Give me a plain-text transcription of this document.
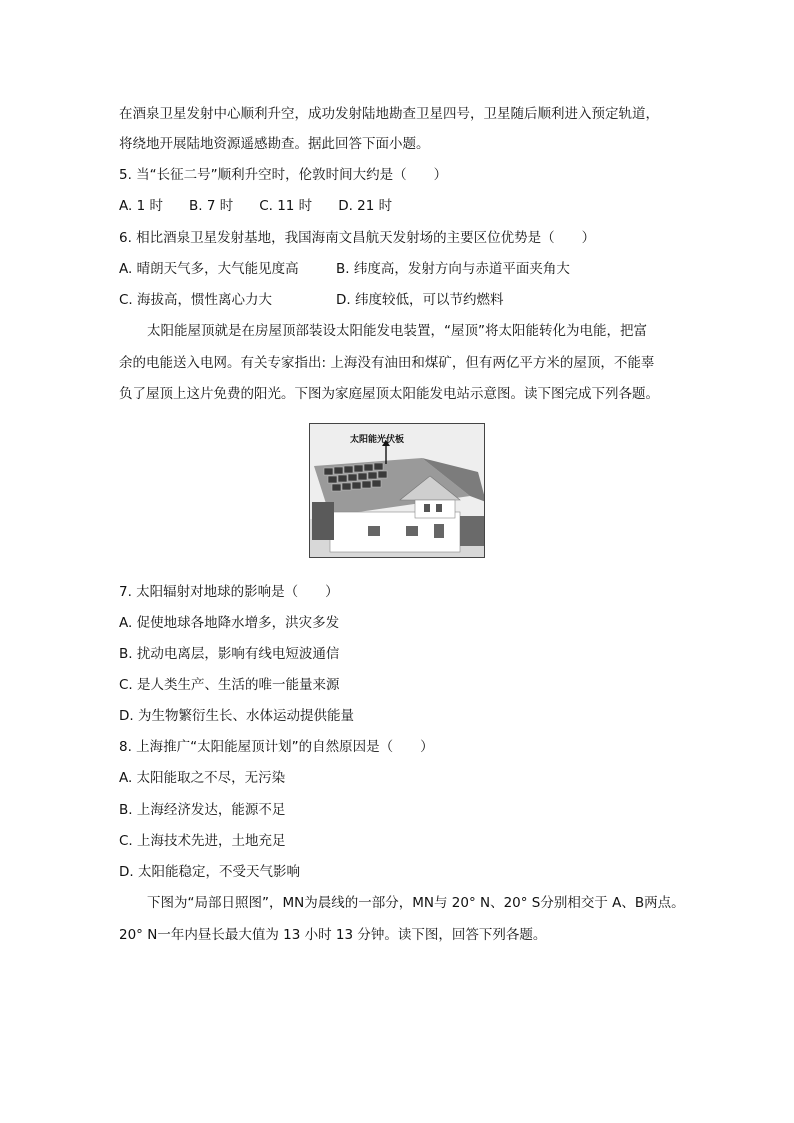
在酒泉卫星发射中心顺利升空，成功发射陆地勘查卫星四号，卫星随后顺利进入预定轨道，
将绕地开展陆地资源遥感勘查。据此回答下面小题。
5. 当“长征二号”顺利升空时，伦敦时间大约是（　　）
A. 1 时 B. 7 时 C. 11 时 D. 21 时
6. 相比酒泉卫星发射基地，我国海南文昌航天发射场的主要区位优势是（　　）
A. 晴朗天气多，大气能见度高	B. 纬度高，发射方向与赤道平面夹角大
C. 海拔高，惯性离心力大	D. 纬度较低，可以节约燃料
太阳能屋顶就是在房屋顶部装设太阳能发电装置，“屋顶”将太阳能转化为电能，把富
余的电能送入电网。有关专家指出: 上海没有油田和煤矿，但有两亿平方米的屋顶，不能辜
负了屋顶上这片免费的阳光。下图为家庭屋顶太阳能发电站示意图。读下图完成下列各题。
太阳能光伏板
7. 太阳辐射对地球的影响是（　　）
A. 促使地球各地降水增多，洪灾多发
B. 扰动电离层，影响有线电短波通信
C. 是人类生产、生活的唯一能量来源
D. 为生物繁衍生长、水体运动提供能量
8. 上海推广“太阳能屋顶计划”的自然原因是（　　）
A. 太阳能取之不尽，无污染
B. 上海经济发达，能源不足
C. 上海技术先进，土地充足
D. 太阳能稳定，不受天气影响
下图为“局部日照图”，MN为晨线的一部分，MN与 20° N、20° S分别相交于 A、B两点。
20° N一年内昼长最大值为 13 小时 13 分钟。读下图，回答下列各题。
